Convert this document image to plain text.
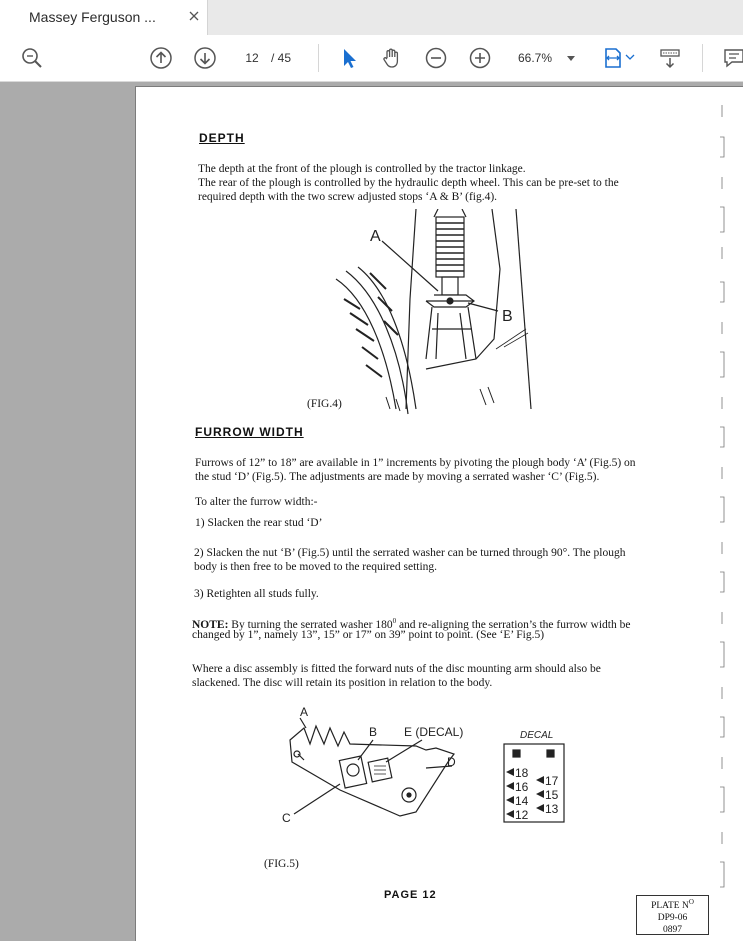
Massey Ferguson ...
12
/ 45	66.7%
DEPTH
The depth at the front of the plough is controlled by the tractor linkage.
The rear of the plough is controlled by the hydraulic depth wheel. This can be pre-set to the
required depth with the two screw adjusted stops ‘A & B’ (fig.4).
A
B
(FIG.4)
FURROW WIDTH
Furrows of 12” to 18” are available in 1” increments by pivoting the plough body ‘A’ (Fig.5) on
the stud ‘D’ (Fig.5). The adjustments are made by moving a serrated washer ‘C’ (Fig.5).
To alter the furrow width:-
1) Slacken the rear stud ‘D’
2) Slacken the nut ‘B’ (Fig.5) until the serrated washer can be turned through 90°. The plough
body is then free to be moved to the required setting.
3) Retighten all studs fully.
NOTE: By turning the serrated washer $180^0$ and re-aligning the serration’s the furrow width be
changed by 1”, namely 13”, 15” or 17” on 39” point to point. (See ‘E’ Fig.5)
Where a disc assembly is fitted the forward nuts of the disc mounting arm should also be
slackened. The disc will retain its position in relation to the body.
A
B E (DECAL)
D
C
DECAL
18
16
14
12
17
15
13
(FIG.5)
PAGE 12
PLATE $N^O$
DP9-06
0897
